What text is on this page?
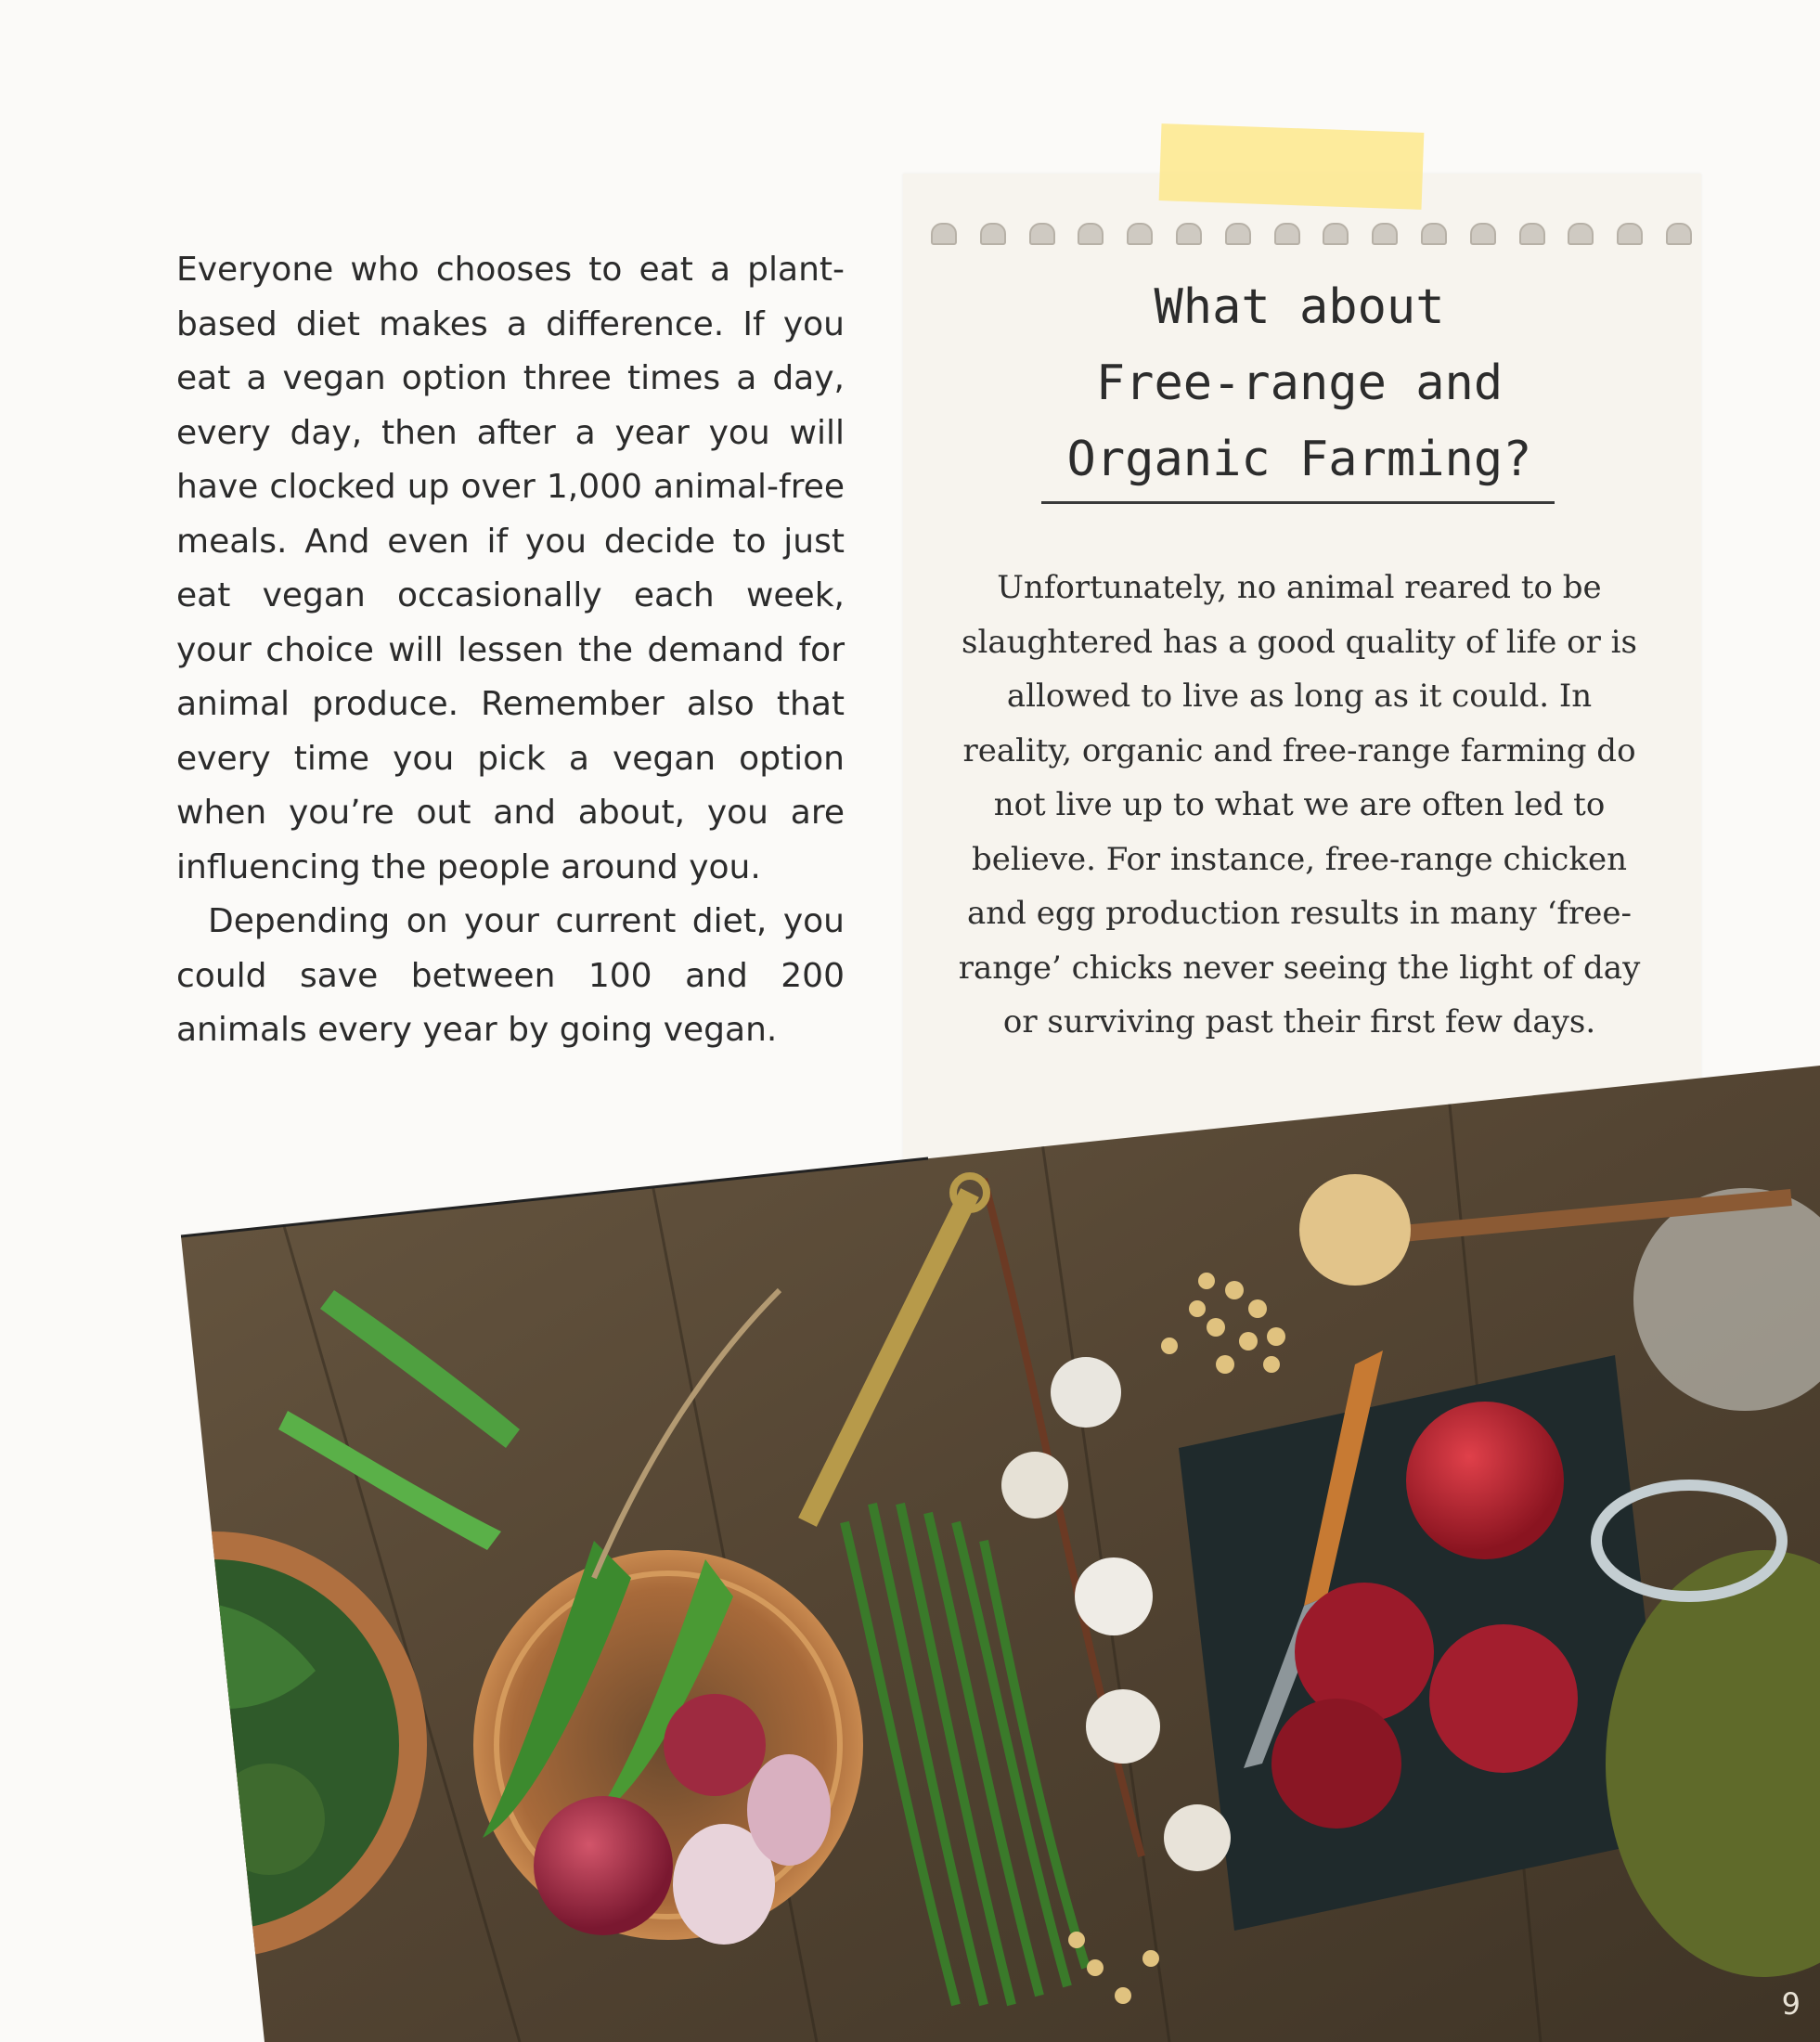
Everyone who chooses to eat a plant-based diet makes a difference. If you eat a vegan option three times a day, every day, then after a year you will have clocked up over 1,000 animal-free meals. And even if you decide to just eat vegan occasionally each week, your choice will lessen the demand for animal produce. Remember also that every time you pick a vegan option when you’re out and about, you are influencing the people around you.

Depending on your current diet, you could save between 100 and 200 animals every year by going vegan.

What about
Free-range and
Organic Farming?
Unfortunately, no animal reared to be slaughtered has a good quality of life or is allowed to live as long as it could. In reality, organic and free-range farming do not live up to what we are often led to believe. For instance, free-range chicken and egg production results in many ‘free-range’ chicks never seeing the light of day or surviving past their first few days.
9
